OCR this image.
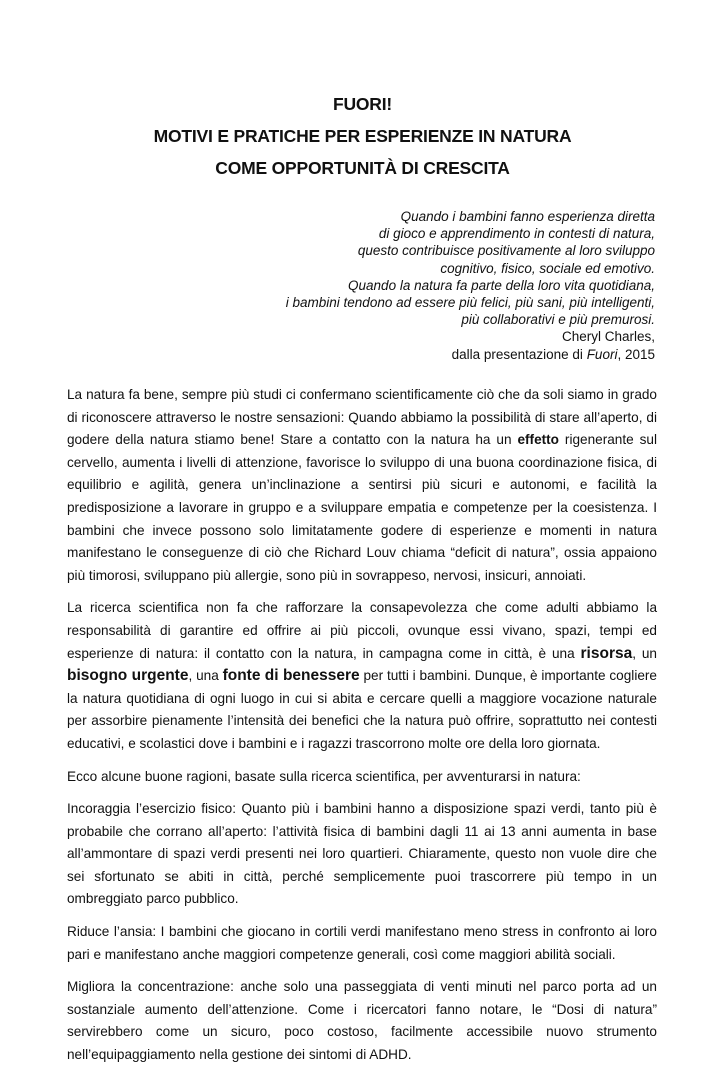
FUORI!
MOTIVI E PRATICHE PER ESPERIENZE IN NATURA
COME OPPORTUNITÀ DI CRESCITA
Quando i bambini fanno esperienza diretta
di gioco e apprendimento in contesti di natura,
questo contribuisce positivamente al loro sviluppo
cognitivo, fisico, sociale ed emotivo.
Quando la natura fa parte della loro vita quotidiana,
i bambini tendono ad essere più felici, più sani, più intelligenti,
più collaborativi e più premurosi.
Cheryl Charles,
dalla presentazione di Fuori, 2015

La natura fa bene, sempre più studi ci confermano scientificamente ciò che da soli siamo in grado di riconoscere attraverso le nostre sensazioni: Quando abbiamo la possibilità di stare all’aperto, di godere della natura stiamo bene! Stare a contatto con la natura ha un effetto rigenerante sul cervello, aumenta i livelli di attenzione, favorisce lo sviluppo di una buona coordinazione fisica, di equilibrio e agilità, genera un’inclinazione a sentirsi più sicuri e autonomi, e facilità la predisposizione a lavorare in gruppo e a sviluppare empatia e competenze per la coesistenza. I bambini che invece possono solo limitatamente godere di esperienze e momenti in natura manifestano le conseguenze di ciò che Richard Louv chiama “deficit di natura”, ossia appaiono più timorosi, sviluppano più allergie, sono più in sovrappeso, nervosi, insicuri, annoiati.

La ricerca scientifica non fa che rafforzare la consapevolezza che come adulti abbiamo la responsabilità di garantire ed offrire ai più piccoli, ovunque essi vivano, spazi, tempi ed esperienze di natura: il contatto con la natura, in campagna come in città, è una risorsa, un bisogno urgente, una fonte di benessere per tutti i bambini. Dunque, è importante cogliere la natura quotidiana di ogni luogo in cui si abita e cercare quelli a maggiore vocazione naturale per assorbire pienamente l’intensità dei benefici che la natura può offrire, soprattutto nei contesti educativi, e scolastici dove i bambini e i ragazzi trascorrono molte ore della loro giornata.

Ecco alcune buone ragioni, basate sulla ricerca scientifica, per avventurarsi in natura:

Incoraggia l’esercizio fisico: Quanto più i bambini hanno a disposizione spazi verdi, tanto più è probabile che corrano all’aperto: l’attività fisica di bambini dagli 11 ai 13 anni aumenta in base all’ammontare di spazi verdi presenti nei loro quartieri. Chiaramente, questo non vuole dire che sei sfortunato se abiti in città, perché semplicemente puoi trascorrere più tempo in un ombreggiato parco pubblico.

Riduce l’ansia: I bambini che giocano in cortili verdi manifestano meno stress in confronto ai loro pari e manifestano anche maggiori competenze generali, così come maggiori abilità sociali.

Migliora la concentrazione: anche solo una passeggiata di venti minuti nel parco porta ad un sostanziale aumento dell’attenzione. Come i ricercatori fanno notare, le “Dosi di natura” servirebbero come un sicuro, poco costoso, facilmente accessibile nuovo strumento nell’equipaggiamento nella gestione dei sintomi di ADHD.
